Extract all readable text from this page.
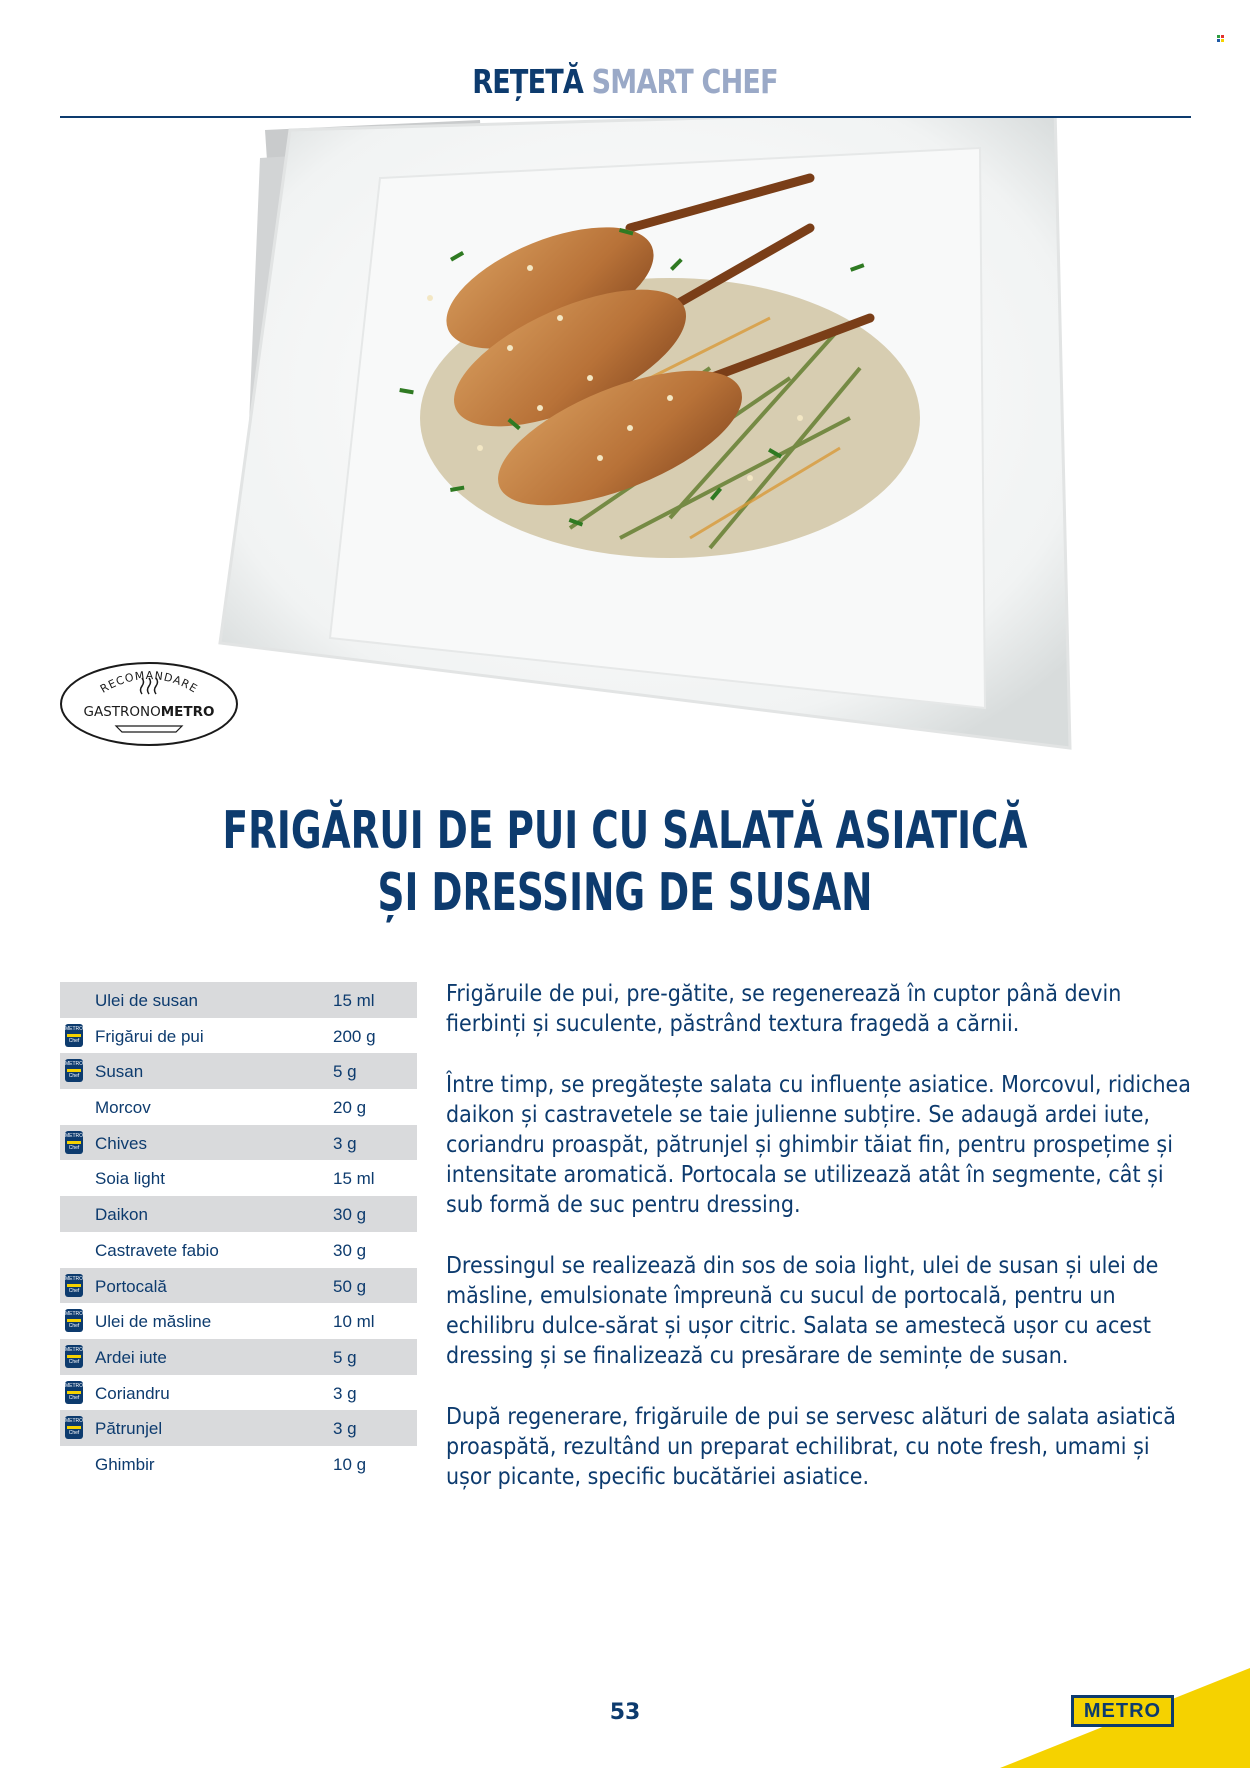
REȚETĂ SMART CHEF
RECOMANDARE
GASTRONOMETRO
FRIGĂRUI DE PUI CU SALATĂ ASIATICĂ
ȘI DRESSING DE SUSAN
Ulei de susan	15 ml
METRO
Chef Frigărui de pui	200 g
METRO
Chef Susan	5 g
Morcov	20 g
METRO
Chef Chives	3 g
Soia light	15 ml
Daikon	30 g
Castravete fabio	30 g
METRO
Chef Portocală	50 g
METRO
Chef Ulei de măsline	10 ml
METRO
Chef Ardei iute	5 g
METRO
Chef Coriandru	3 g
METRO
Chef Pătrunjel	3 g
Ghimbir	10 g

Frigăruile de pui, pre-gătite, se regenerează în cuptor până devin fierbinți și suculente, păstrând textura fragedă a cărnii.

Între timp, se pregătește salata cu influențe asiatice. Morcovul, ridichea daikon și castravetele se taie julienne subțire. Se adaugă ardei iute, coriandru proaspăt, pătrunjel și ghimbir tăiat fin, pentru prospețime și intensitate aromatică. Portocala se utilizează atât în segmente, cât și sub formă de suc pentru dressing.

Dressingul se realizează din sos de soia light, ulei de susan și ulei de măsline, emulsionate împreună cu sucul de portocală, pentru un echilibru dulce-sărat și ușor citric. Salata se amestecă ușor cu acest dressing și se finalizează cu presărare de semințe de susan.

După regenerare, frigăruile de pui se servesc alături de salata asiatică proaspătă, rezultând un preparat echilibrat, cu note fresh, umami și ușor picante, specific bucătăriei asiatice.

53	METRO
